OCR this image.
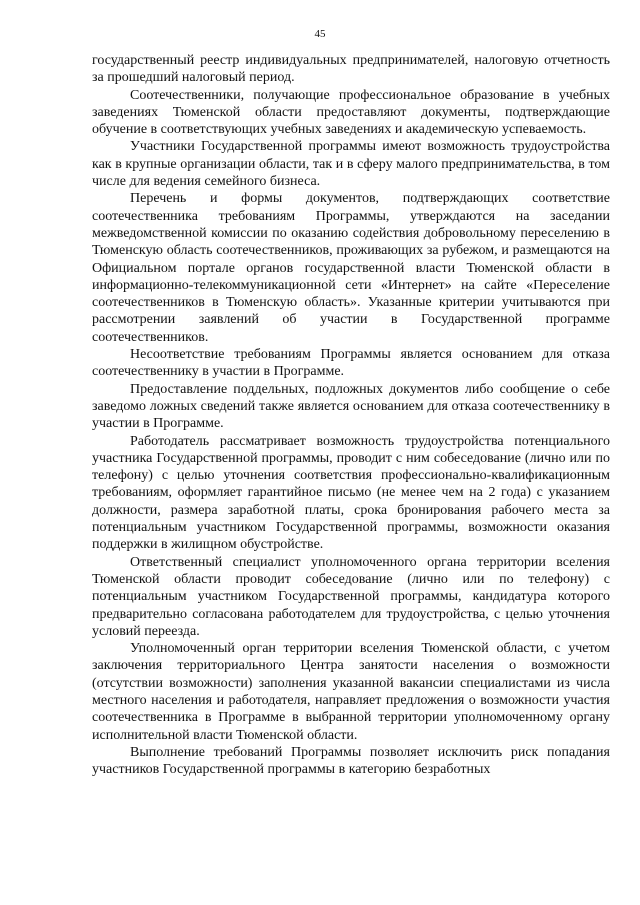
45

государственный реестр индивидуальных предпринимателей, налоговую отчетность за прошедший налоговый период.

Соотечественники, получающие профессиональное образование в учебных заведениях Тюменской области предоставляют документы, подтверждающие обучение в соответствующих учебных заведениях и академическую успеваемость.

Участники Государственной программы имеют возможность трудоустройства как в крупные организации области, так и в сферу малого предпринимательства, в том числе для ведения семейного бизнеса.

Перечень и формы документов, подтверждающих соответствие соотечественника требованиям Программы, утверждаются на заседании межведомственной комиссии по оказанию содействия добровольному переселению в Тюменскую область соотечественников, проживающих за рубежом, и размещаются на Официальном портале органов государственной власти Тюменской области в информационно-телекоммуникационной сети «Интернет» на сайте «Переселение соотечественников в Тюменскую область». Указанные критерии учитываются при рассмотрении заявлений об участии в Государственной программе соотечественников.

Несоответствие требованиям Программы является основанием для отказа соотечественнику в участии в Программе.

Предоставление поддельных, подложных документов либо сообщение о себе заведомо ложных сведений также является основанием для отказа соотечественнику в участии в Программе.

Работодатель рассматривает возможность трудоустройства потенциального участника Государственной программы, проводит с ним собеседование (лично или по телефону) с целью уточнения соответствия профессионально-квалификационным требованиям, оформляет гарантийное письмо (не менее чем на 2 года) с указанием должности, размера заработной платы, срока бронирования рабочего места за потенциальным участником Государственной программы, возможности оказания поддержки в жилищном обустройстве.

Ответственный специалист уполномоченного органа территории вселения Тюменской области проводит собеседование (лично или по телефону) с потенциальным участником Государственной программы, кандидатура которого предварительно согласована работодателем для трудоустройства, с целью уточнения условий переезда.

Уполномоченный орган территории вселения Тюменской области, с учетом заключения территориального Центра занятости населения о возможности (отсутствии возможности) заполнения указанной вакансии специалистами из числа местного населения и работодателя, направляет предложения о возможности участия соотечественника в Программе в выбранной территории уполномоченному органу исполнительной власти Тюменской области.

Выполнение требований Программы позволяет исключить риск попадания участников Государственной программы в категорию безработных
